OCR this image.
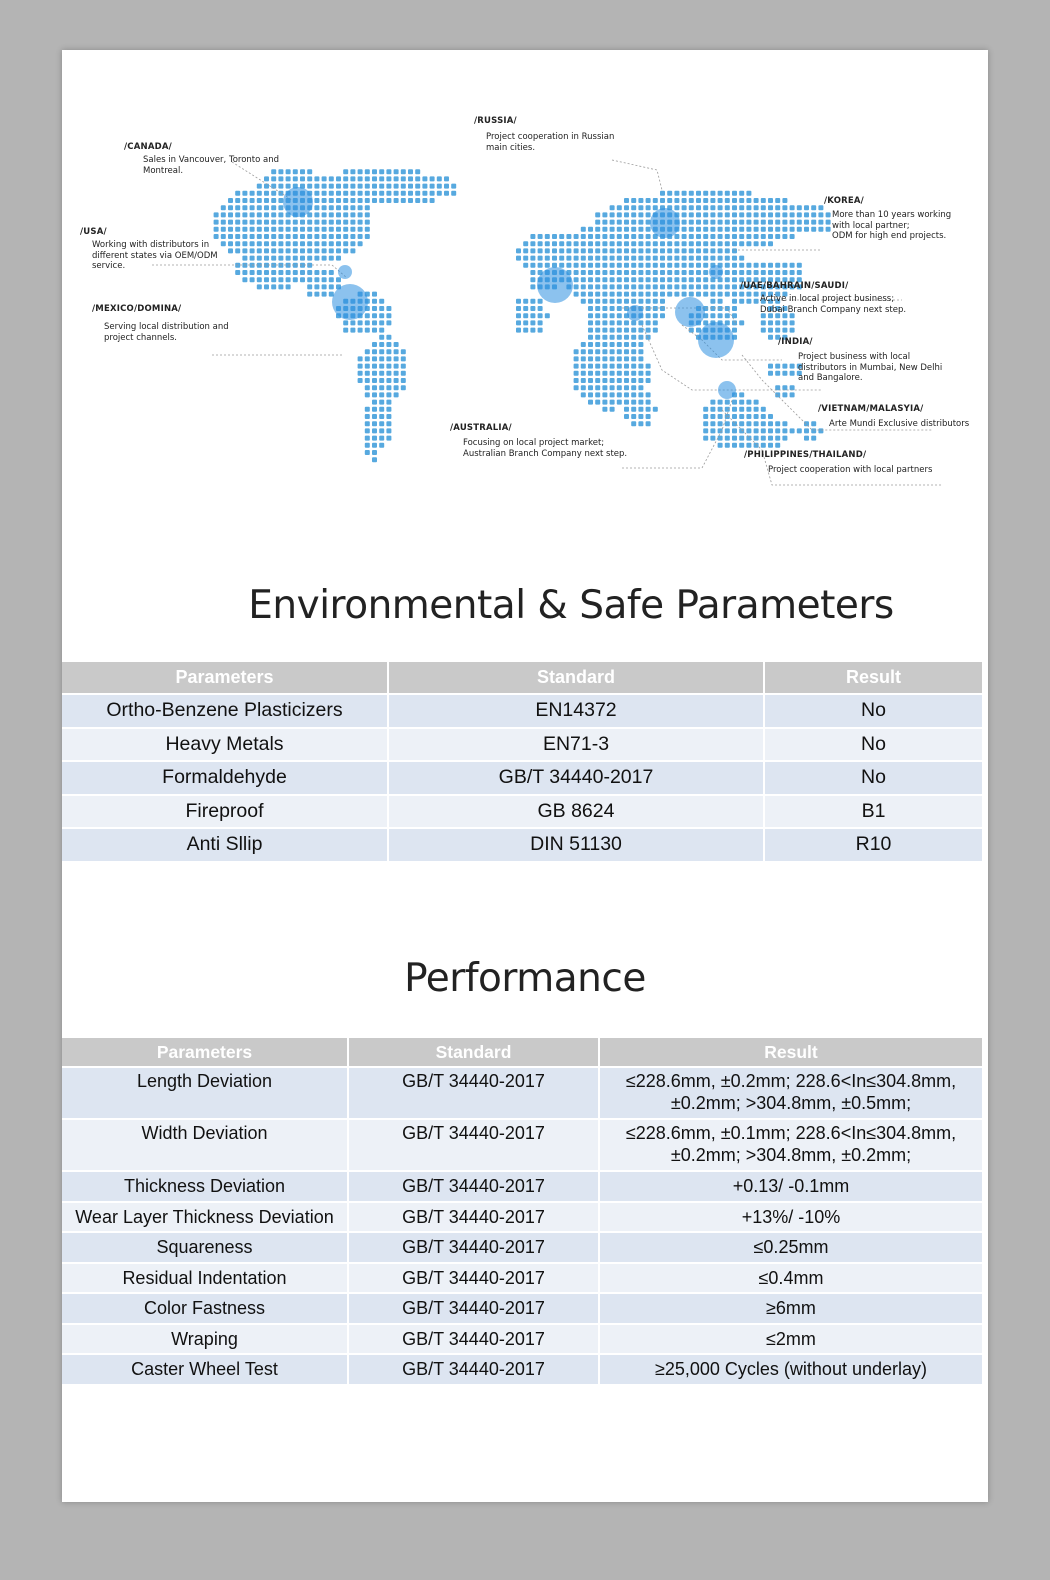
/CANADA/
Sales in Vancouver, Toronto and
Montreal.
/USA/
Working with distributors in
different states via OEM/ODM
service.
/MEXICO/DOMINA/
Serving local distribution and
project channels.
/RUSSIA/
Project cooperation in Russian
main cities.
/KOREA/
More than 10 years working
with local partner;
ODM for high end projects.
/UAE/BAHRAIN/SAUDI/
Active in local project business;
Dubai Branch Company next step.
/INDIA/
Project business with local
distributors in Mumbai, New Delhi
and Bangalore.
/VIETNAM/MALASYIA/
Arte Mundi Exclusive distributors
/AUSTRALIA/
Focusing on local project market;
Australian Branch Company next step.	/PHILIPPINES/THAILAND/
Project cooperation with local partners
Environmental & Safe Parameters
Parameters	Standard	Result
Ortho-Benzene Plasticizers	EN14372	No
Heavy Metals	EN71-3	No
Formaldehyde	GB/T 34440-2017	No
Fireproof	GB 8624	B1
Anti Sllip	DIN 51130	R10
Performance
Parameters	Standard	Result
Length Deviation	GB/T 34440-2017	≤228.6mm, ±0.2mm; 228.6<In≤304.8mm,
±0.2mm; >304.8mm, ±0.5mm;
Width Deviation	GB/T 34440-2017	≤228.6mm, ±0.1mm; 228.6<In≤304.8mm,
±0.2mm; >304.8mm, ±0.2mm;
Thickness Deviation	GB/T 34440-2017	+0.13/ -0.1mm
Wear Layer Thickness Deviation	GB/T 34440-2017	+13%/ -10%
Squareness	GB/T 34440-2017	≤0.25mm
Residual Indentation	GB/T 34440-2017	≤0.4mm
Color Fastness	GB/T 34440-2017	≥6mm
Wraping	GB/T 34440-2017	≤2mm
Caster Wheel Test	GB/T 34440-2017	≥25,000 Cycles (without underlay)
